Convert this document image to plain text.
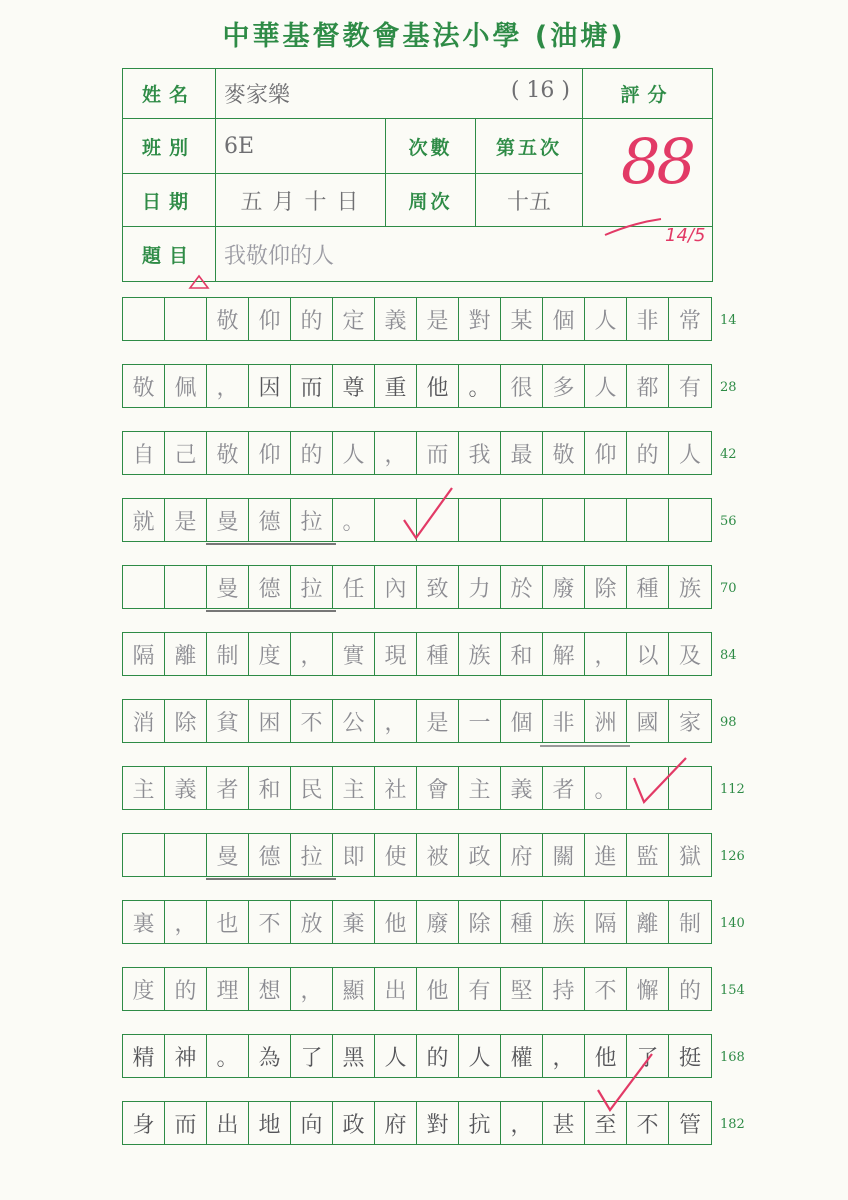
中華基督教會基法小學 (油塘)
姓名	麥家樂 ( 16 )			評分
班別	6E	次數	第五次	88
14/5

日期	五月十日	周次	十五	
題目	我敬仰的人			
敬 仰 的 定 義 是 對 某 個 人 非 常	14
敬 佩 ， 因 而 尊 重 他 。 很 多 人 都 有	28
自 己 敬 仰 的 人 ， 而 我 最 敬 仰 的 人	42
就 是 曼 德 拉 。	56
曼 德 拉 任 內 致 力 於 廢 除 種 族	70
隔 離 制 度 ， 實 現 種 族 和 解 ， 以 及	84
消 除 貧 困 不 公 ， 是 一 個 非 洲 國 家	98
主 義 者 和 民 主 社 會 主 義 者 。	112
曼 德 拉 即 使 被 政 府 關 進 監 獄	126
裏 ， 也 不 放 棄 他 廢 除 種 族 隔 離 制	140
度 的 理 想 ， 顯 出 他 有 堅 持 不 懈 的	154
精 神 。 為 了 黑 人 的 人 權 ， 他 了 挺	168
身 而 出 地 向 政 府 對 抗 ， 甚 至 不 管	182
